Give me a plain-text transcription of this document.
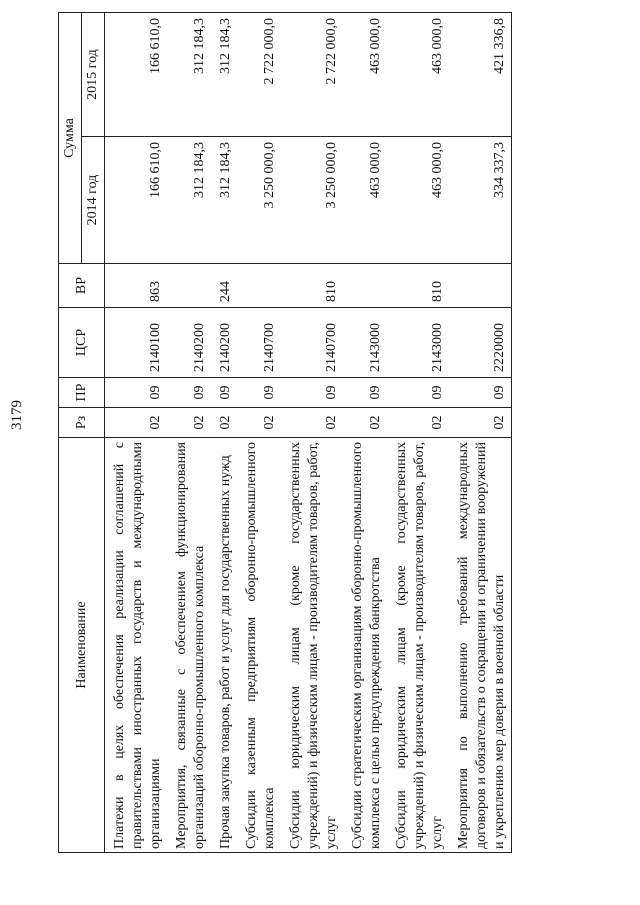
3179
Наименование	Рз	ПР	ЦСР	ВР	Сумма	
					2014 год	2015 год
Платежи в целях обеспечения реализации соглашений с правительствами иностранных государств и международными организациями	02	09	2140100	863	166 610,0	166 610,0
Мероприятия, связанные с обеспечением функционирования организаций оборонно-промышленного комплекса	02	09	2140200		312 184,3	312 184,3
Прочая закупка товаров, работ и услуг для государственных нужд	02	09	2140200	244	312 184,3	312 184,3
Субсидии казенным предприятиям оборонно-промышленного комплекса	02	09	2140700		3 250 000,0	2 722 000,0
Субсидии юридическим лицам (кроме государственных учреждений) и физическим лицам - производителям товаров, работ, услуг	02	09	2140700	810	3 250 000,0	2 722 000,0
Субсидии стратегическим организациям оборонно-промышленного комплекса с целью предупреждения банкротства	02	09	2143000		463 000,0	463 000,0
Субсидии юридическим лицам (кроме государственных учреждений) и физическим лицам - производителям товаров, работ, услуг	02	09	2143000	810	463 000,0	463 000,0
Мероприятия по выполнению требований международных договоров и обязательств о сокращении и ограничении вооружений и укреплению мер доверия в военной области	02	09	2220000		334 337,3	421 336,8
